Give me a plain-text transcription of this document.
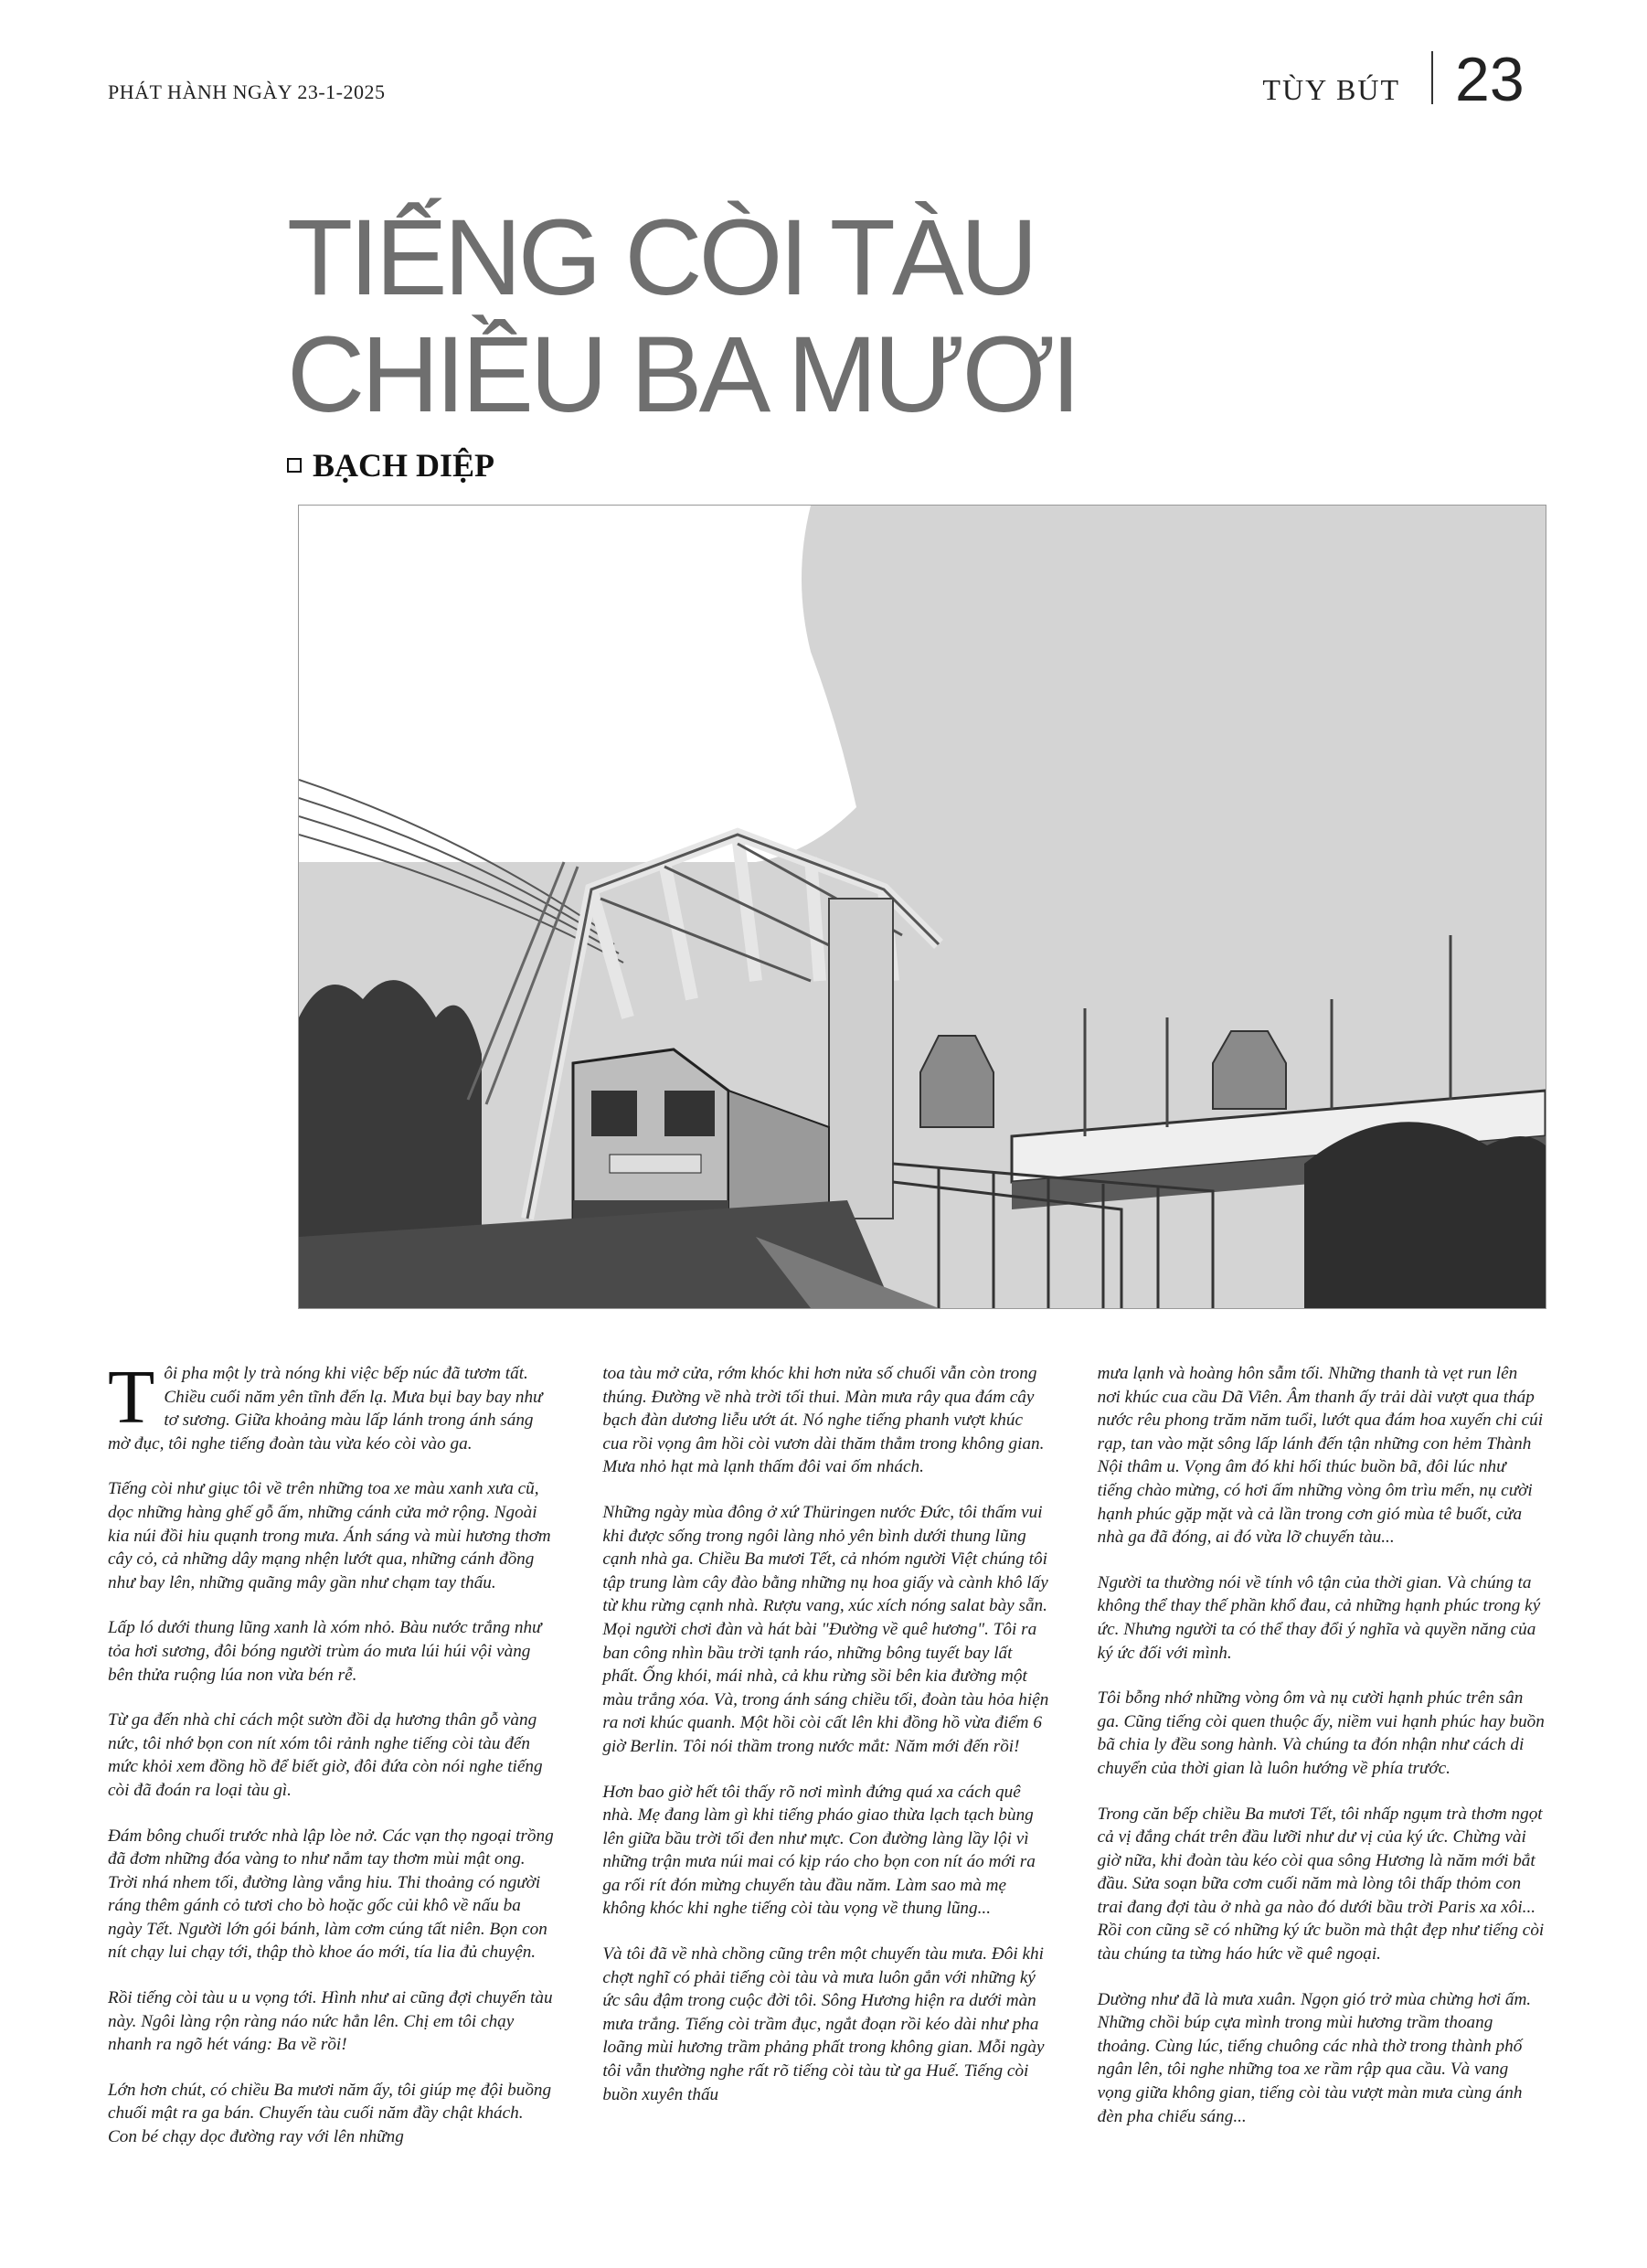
PHÁT HÀNH NGÀY 23-1-2025	TÙY BÚT 23
TIẾNG CÒI TÀU
CHIỀU BA MƯƠI
BẠCH DIỆP

Tôi pha một ly trà nóng khi việc bếp núc đã tươm tất. Chiều cuối năm yên tĩnh đến lạ. Mưa bụi bay bay như tơ sương. Giữa khoảng màu lấp lánh trong ánh sáng mờ đục, tôi nghe tiếng đoàn tàu vừa kéo còi vào ga.

Tiếng còi như giục tôi về trên những toa xe màu xanh xưa cũ, dọc những hàng ghế gỗ ấm, những cánh cửa mở rộng. Ngoài kia núi đồi hiu quạnh trong mưa. Ánh sáng và mùi hương thơm cây cỏ, cả những dây mạng nhện lướt qua, những cánh đồng như bay lên, những quãng mây gần như chạm tay thấu.

Lấp ló dưới thung lũng xanh là xóm nhỏ. Bàu nước trắng như tỏa hơi sương, đôi bóng người trùm áo mưa lúi húi vội vàng bên thửa ruộng lúa non vừa bén rễ.

Từ ga đến nhà chỉ cách một sườn đồi dạ hương thân gỗ vàng nức, tôi nhớ bọn con nít xóm tôi rảnh nghe tiếng còi tàu đến mức khỏi xem đồng hồ để biết giờ, đôi đứa còn nói nghe tiếng còi đã đoán ra loại tàu gì.

Đám bông chuối trước nhà lập lòe nở. Các vạn thọ ngoại trồng đã đơm những đóa vàng to như nắm tay thơm mùi mật ong. Trời nhá nhem tối, đường làng vắng hiu. Thi thoảng có người ráng thêm gánh cỏ tươi cho bò hoặc gốc củi khô về nấu ba ngày Tết. Người lớn gói bánh, làm cơm cúng tất niên. Bọn con nít chạy lui chạy tới, thập thò khoe áo mới, tía lia đủ chuyện.

Rồi tiếng còi tàu u u vọng tới. Hình như ai cũng đợi chuyến tàu này. Ngôi làng rộn ràng náo nức hẳn lên. Chị em tôi chạy nhanh ra ngõ hét váng: Ba về rồi!

Lớn hơn chút, có chiều Ba mươi năm ấy, tôi giúp mẹ đội buồng chuối mật ra ga bán. Chuyến tàu cuối năm đầy chật khách. Con bé chạy dọc đường ray với lên những

toa tàu mở cửa, rớm khóc khi hơn nửa số chuối vẫn còn trong thúng. Đường về nhà trời tối thui. Màn mưa rây qua đám cây bạch đàn dương liễu ướt át. Nó nghe tiếng phanh vượt khúc cua rồi vọng âm hồi còi vươn dài thăm thẳm trong không gian. Mưa nhỏ hạt mà lạnh thấm đôi vai ốm nhách.

Những ngày mùa đông ở xứ Thüringen nước Đức, tôi thấm vui khi được sống trong ngôi làng nhỏ yên bình dưới thung lũng cạnh nhà ga. Chiều Ba mươi Tết, cả nhóm người Việt chúng tôi tập trung làm cây đào bằng những nụ hoa giấy và cành khô lấy từ khu rừng cạnh nhà. Rượu vang, xúc xích nóng salat bày sẵn. Mọi người chơi đàn và hát bài "Đường về quê hương". Tôi ra ban công nhìn bầu trời tạnh ráo, những bông tuyết bay lất phất. Ống khói, mái nhà, cả khu rừng sồi bên kia đường một màu trắng xóa. Và, trong ánh sáng chiều tối, đoàn tàu hỏa hiện ra nơi khúc quanh. Một hồi còi cất lên khi đồng hồ vừa điểm 6 giờ Berlin. Tôi nói thầm trong nước mắt: Năm mới đến rồi!

Hơn bao giờ hết tôi thấy rõ nơi mình đứng quá xa cách quê nhà. Mẹ đang làm gì khi tiếng pháo giao thừa lạch tạch bùng lên giữa bầu trời tối đen như mực. Con đường làng lầy lội vì những trận mưa núi mai có kịp ráo cho bọn con nít áo mới ra ga rối rít đón mừng chuyến tàu đầu năm. Làm sao mà mẹ không khóc khi nghe tiếng còi tàu vọng về thung lũng...

Và tôi đã về nhà chồng cũng trên một chuyến tàu mưa. Đôi khi chợt nghĩ có phải tiếng còi tàu và mưa luôn gắn với những ký ức sâu đậm trong cuộc đời tôi. Sông Hương hiện ra dưới màn mưa trắng. Tiếng còi trầm đục, ngắt đoạn rồi kéo dài như pha loãng mùi hương trầm phảng phất trong không gian. Mỗi ngày tôi vẫn thường nghe rất rõ tiếng còi tàu từ ga Huế. Tiếng còi buồn xuyên thấu

mưa lạnh và hoàng hôn sẫm tối. Những thanh tà vẹt run lên nơi khúc cua cầu Dã Viên. Âm thanh ấy trải dài vượt qua tháp nước rêu phong trăm năm tuổi, lướt qua đám hoa xuyến chi cúi rạp, tan vào mặt sông lấp lánh đến tận những con hẻm Thành Nội thâm u. Vọng âm đó khi hối thúc buồn bã, đôi lúc như tiếng chào mừng, có hơi ấm những vòng ôm trìu mến, nụ cười hạnh phúc gặp mặt và cả lần trong cơn gió mùa tê buốt, cửa nhà ga đã đóng, ai đó vừa lỡ chuyến tàu...

Người ta thường nói về tính vô tận của thời gian. Và chúng ta không thể thay thế phần khổ đau, cả những hạnh phúc trong ký ức. Nhưng người ta có thể thay đổi ý nghĩa và quyền năng của ký ức đối với mình.

Tôi bỗng nhớ những vòng ôm và nụ cười hạnh phúc trên sân ga. Cũng tiếng còi quen thuộc ấy, niềm vui hạnh phúc hay buồn bã chia ly đều song hành. Và chúng ta đón nhận như cách di chuyển của thời gian là luôn hướng về phía trước.

Trong căn bếp chiều Ba mươi Tết, tôi nhấp ngụm trà thơm ngọt cả vị đắng chát trên đầu lưỡi như dư vị của ký ức. Chừng vài giờ nữa, khi đoàn tàu kéo còi qua sông Hương là năm mới bắt đầu. Sửa soạn bữa cơm cuối năm mà lòng tôi thấp thỏm con trai đang đợi tàu ở nhà ga nào đó dưới bầu trời Paris xa xôi... Rồi con cũng sẽ có những ký ức buồn mà thật đẹp như tiếng còi tàu chúng ta từng háo hức về quê ngoại.

Dường như đã là mưa xuân. Ngọn gió trở mùa chừng hơi ấm. Những chồi búp cựa mình trong mùi hương trầm thoang thoảng. Cùng lúc, tiếng chuông các nhà thờ trong thành phố ngân lên, tôi nghe những toa xe rầm rập qua cầu. Và vang vọng giữa không gian, tiếng còi tàu vượt màn mưa cùng ánh đèn pha chiếu sáng...
